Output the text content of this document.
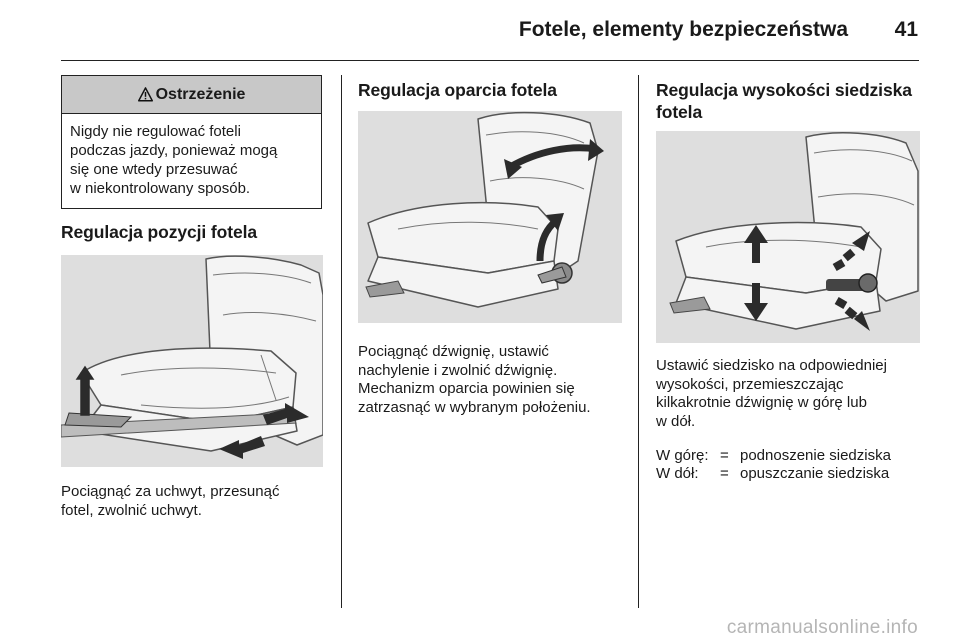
Fotele, elementy bezpieczeństwa	41
Ostrzeżenie
Nigdy nie regulować foteli
podczas jazdy, ponieważ mogą
się one wtedy przesuwać
w niekontrolowany sposób.
Regulacja pozycji fotela
Pociągnąć za uchwyt, przesunąć
fotel, zwolnić uchwyt.
Regulacja oparcia fotela
Pociągnąć dźwignię, ustawić
nachylenie i zwolnić dźwignię.
Mechanizm oparcia powinien się
zatrzasnąć w wybranym położeniu.
Regulacja wysokości siedziska
fotela
Ustawić siedzisko na odpowiedniej
wysokości, przemieszczając
kilkakrotnie dźwignię w górę lub
w dół.
W górę: = podnoszenie siedziska
W dół:	= opuszczanie siedziska
carmanualsonline.info
